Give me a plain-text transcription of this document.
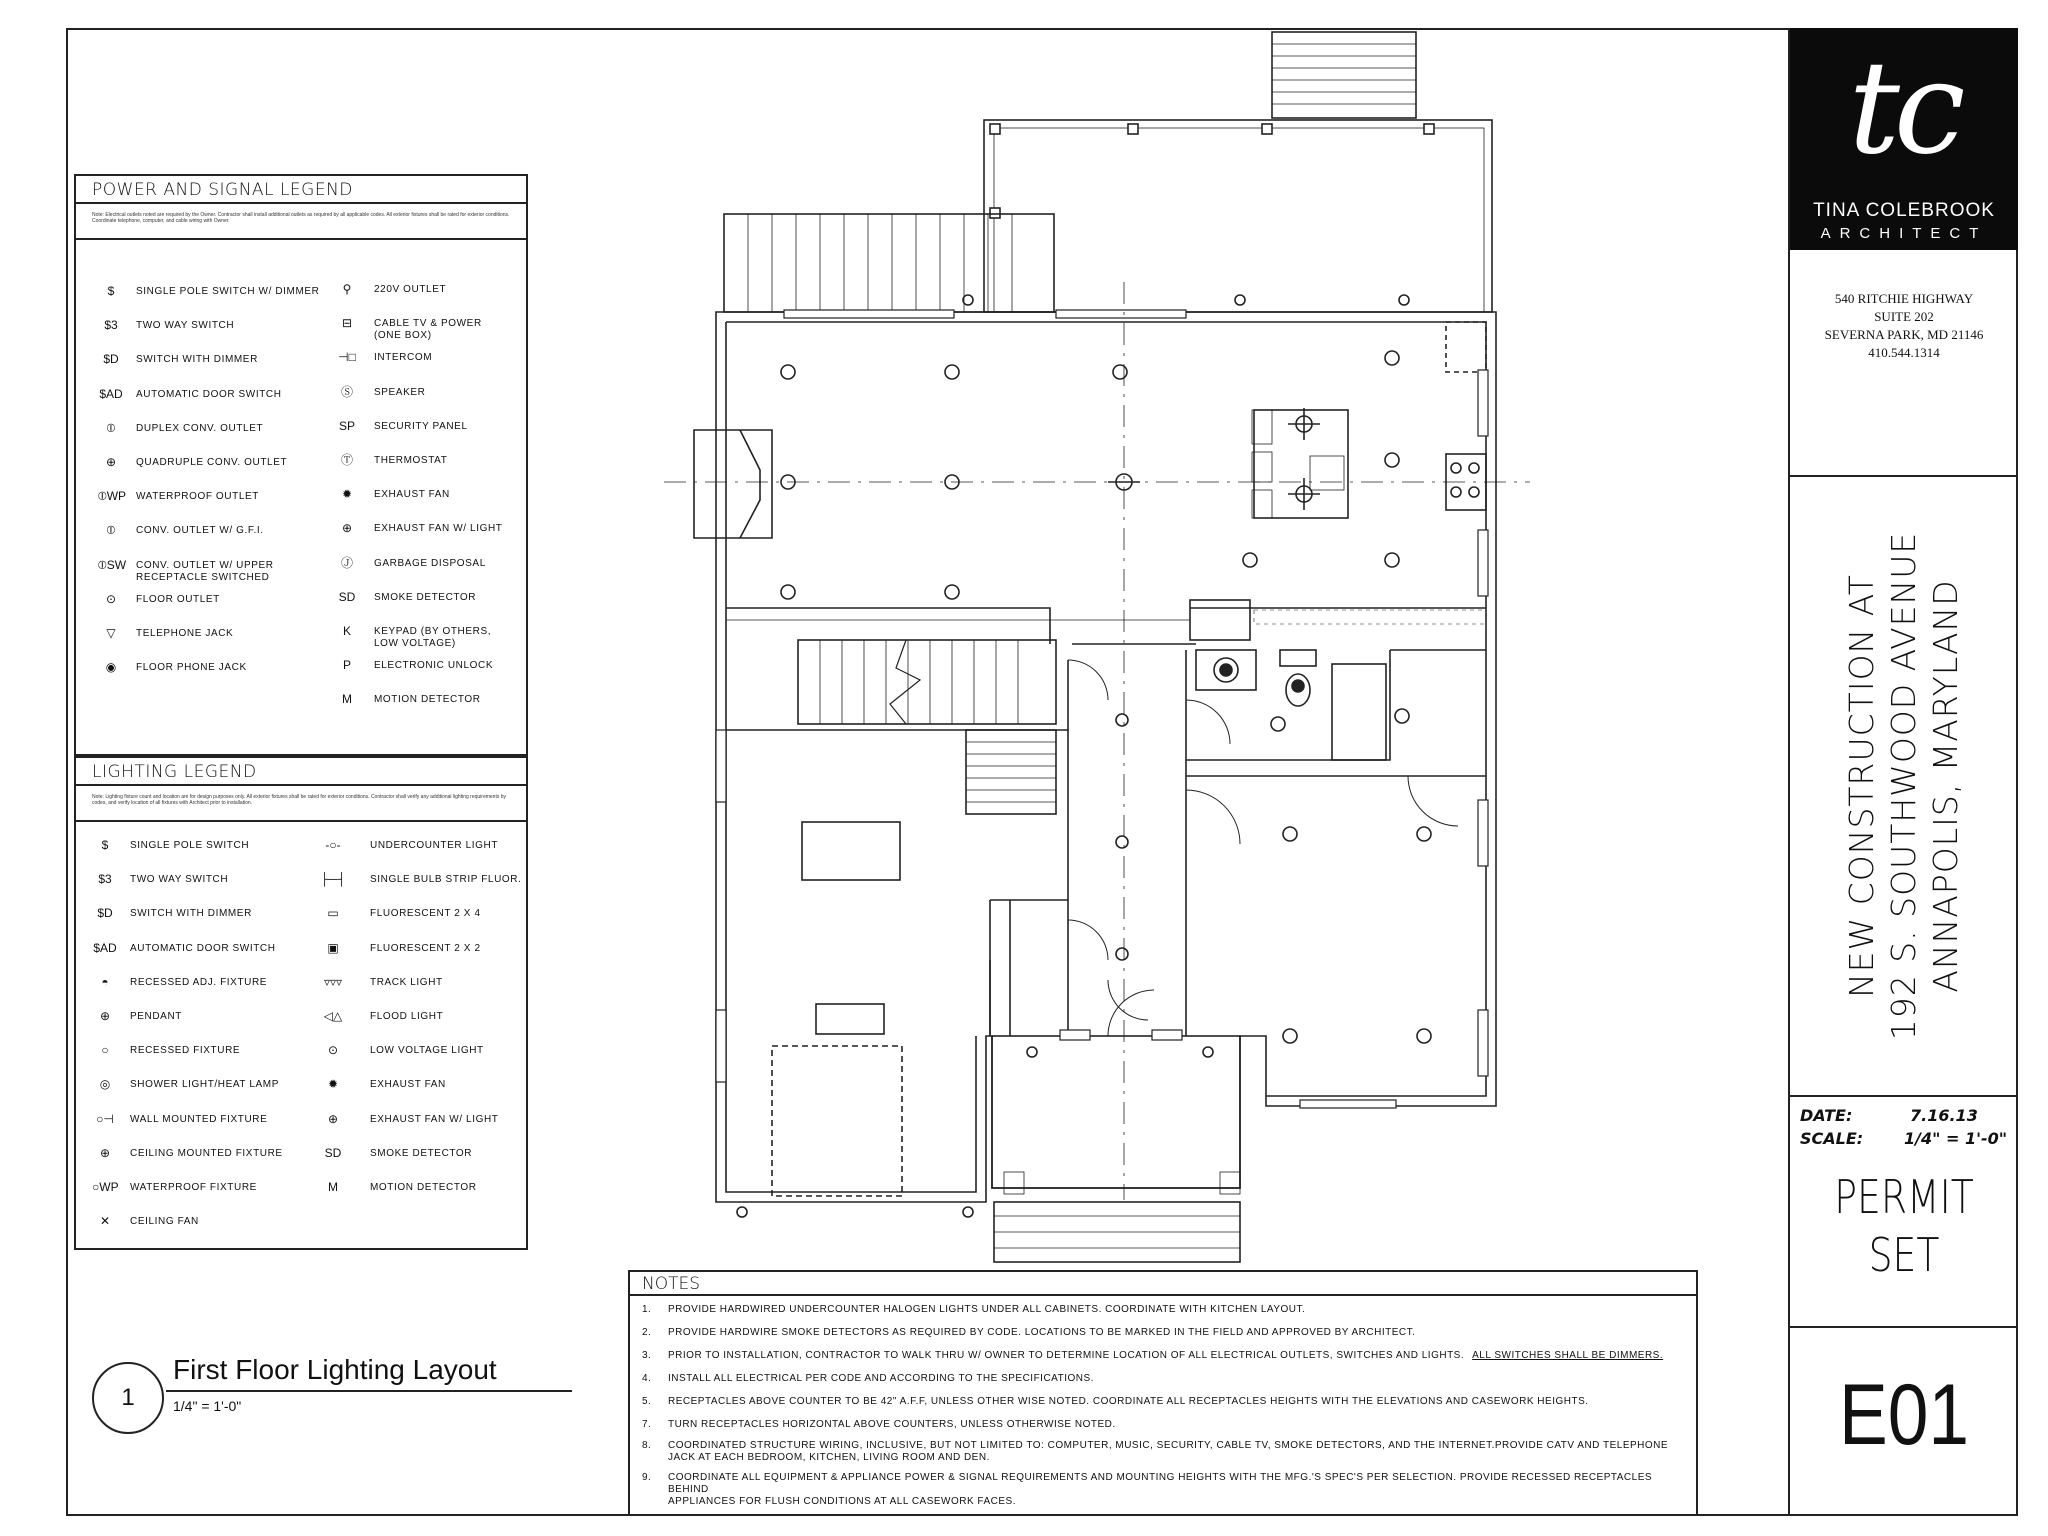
POWER AND SIGNAL LEGEND
Note: Electrical outlets noted are required by the Owner. Contractor shall install additional outlets as required by all applicable codes. All exterior fixtures shall be rated for exterior conditions. Coordinate telephone, computer, and cable wiring with Owner.
$	SINGLE POLE SWITCH W/ DIMMER
$3	TWO WAY SWITCH
$D	SWITCH WITH DIMMER
$AD AUTOMATIC DOOR SWITCH
⦶	DUPLEX CONV. OUTLET
⊕	QUADRUPLE CONV. OUTLET
⦶WP WATERPROOF OUTLET
⦶	CONV. OUTLET W/ G.F.I.
⦶SW CONV. OUTLET W/ UPPER
RECEPTACLE SWITCHED
⊙	FLOOR OUTLET
▽	TELEPHONE JACK
◉	FLOOR PHONE JACK
⚲	220V OUTLET
⊟	CABLE TV & POWER
(ONE BOX)
⊣□	INTERCOM
Ⓢ	SPEAKER
SP	SECURITY PANEL
Ⓣ	THERMOSTAT
✹	EXHAUST FAN
⊕	EXHAUST FAN W/ LIGHT
Ⓙ	GARBAGE DISPOSAL
SD	SMOKE DETECTOR
K	KEYPAD (BY OTHERS,
LOW VOLTAGE)
P	ELECTRONIC UNLOCK
M	MOTION DETECTOR
LIGHTING LEGEND
Note: Lighting fixture count and location are for design purposes only. All exterior fixtures shall be rated for exterior conditions. Contractor shall verify any additional lighting requirements by codes, and verify location of all fixtures with Architect prior to installation.
$	SINGLE POLE SWITCH
$3	TWO WAY SWITCH
$D	SWITCH WITH DIMMER
$AD AUTOMATIC DOOR SWITCH
◓	RECESSED ADJ. FIXTURE
⊕	PENDANT
○	RECESSED FIXTURE
◎	SHOWER LIGHT/HEAT LAMP
○⊣	WALL MOUNTED FIXTURE
⊕	CEILING MOUNTED FIXTURE
○WP WATERPROOF FIXTURE
✕	CEILING FAN
-○-	UNDERCOUNTER LIGHT
├─┤ SINGLE BULB STRIP FLUOR.
▭	FLUORESCENT 2 X 4
▣	FLUORESCENT 2 X 2
▿▿▿	TRACK LIGHT
◁△	FLOOD LIGHT
⊙	LOW VOLTAGE LIGHT
✹	EXHAUST FAN
⊕	EXHAUST FAN W/ LIGHT
SD	SMOKE DETECTOR
M	MOTION DETECTOR
NOTES
1. PROVIDE HARDWIRED UNDERCOUNTER HALOGEN LIGHTS UNDER ALL CABINETS. COORDINATE WITH KITCHEN LAYOUT.
2. PROVIDE HARDWIRE SMOKE DETECTORS AS REQUIRED BY CODE. LOCATIONS TO BE MARKED IN THE FIELD AND APPROVED BY ARCHITECT.
3. PRIOR TO INSTALLATION, CONTRACTOR TO WALK THRU W/ OWNER TO DETERMINE LOCATION OF ALL ELECTRICAL OUTLETS, SWITCHES AND LIGHTS. ALL SWITCHES SHALL BE DIMMERS.
4. INSTALL ALL ELECTRICAL PER CODE AND ACCORDING TO THE SPECIFICATIONS.
5. RECEPTACLES ABOVE COUNTER TO BE 42" A.F.F, UNLESS OTHER WISE NOTED. COORDINATE ALL RECEPTACLES HEIGHTS WITH THE ELEVATIONS AND CASEWORK HEIGHTS.
7. TURN RECEPTACLES HORIZONTAL ABOVE COUNTERS, UNLESS OTHERWISE NOTED.
8. COORDINATED STRUCTURE WIRING, INCLUSIVE, BUT NOT LIMITED TO: COMPUTER, MUSIC, SECURITY, CABLE TV, SMOKE DETECTORS, AND THE INTERNET.PROVIDE CATV AND TELEPHONE
JACK AT EACH BEDROOM, KITCHEN, LIVING ROOM AND DEN.
9. COORDINATE ALL EQUIPMENT & APPLIANCE POWER & SIGNAL REQUIREMENTS AND MOUNTING HEIGHTS WITH THE MFG.'S SPEC'S PER SELECTION. PROVIDE RECESSED RECEPTACLES BEHIND
APPLIANCES FOR FLUSH CONDITIONS AT ALL CASEWORK FACES.
1
First Floor Lighting Layout
1/4" = 1'-0"
tc
TINA COLEBROOK
ARCHITECT
540 RITCHIE HIGHWAY
SUITE 202
SEVERNA PARK, MD 21146
410.544.1314
NEW CONSTRUCTION AT 192 S. SOUTHWOOD AVENUE ANNAPOLIS, MARYLAND
DATE:	7.16.13
SCALE:	1/4" = 1'-0"
PERMIT
SET
E01
